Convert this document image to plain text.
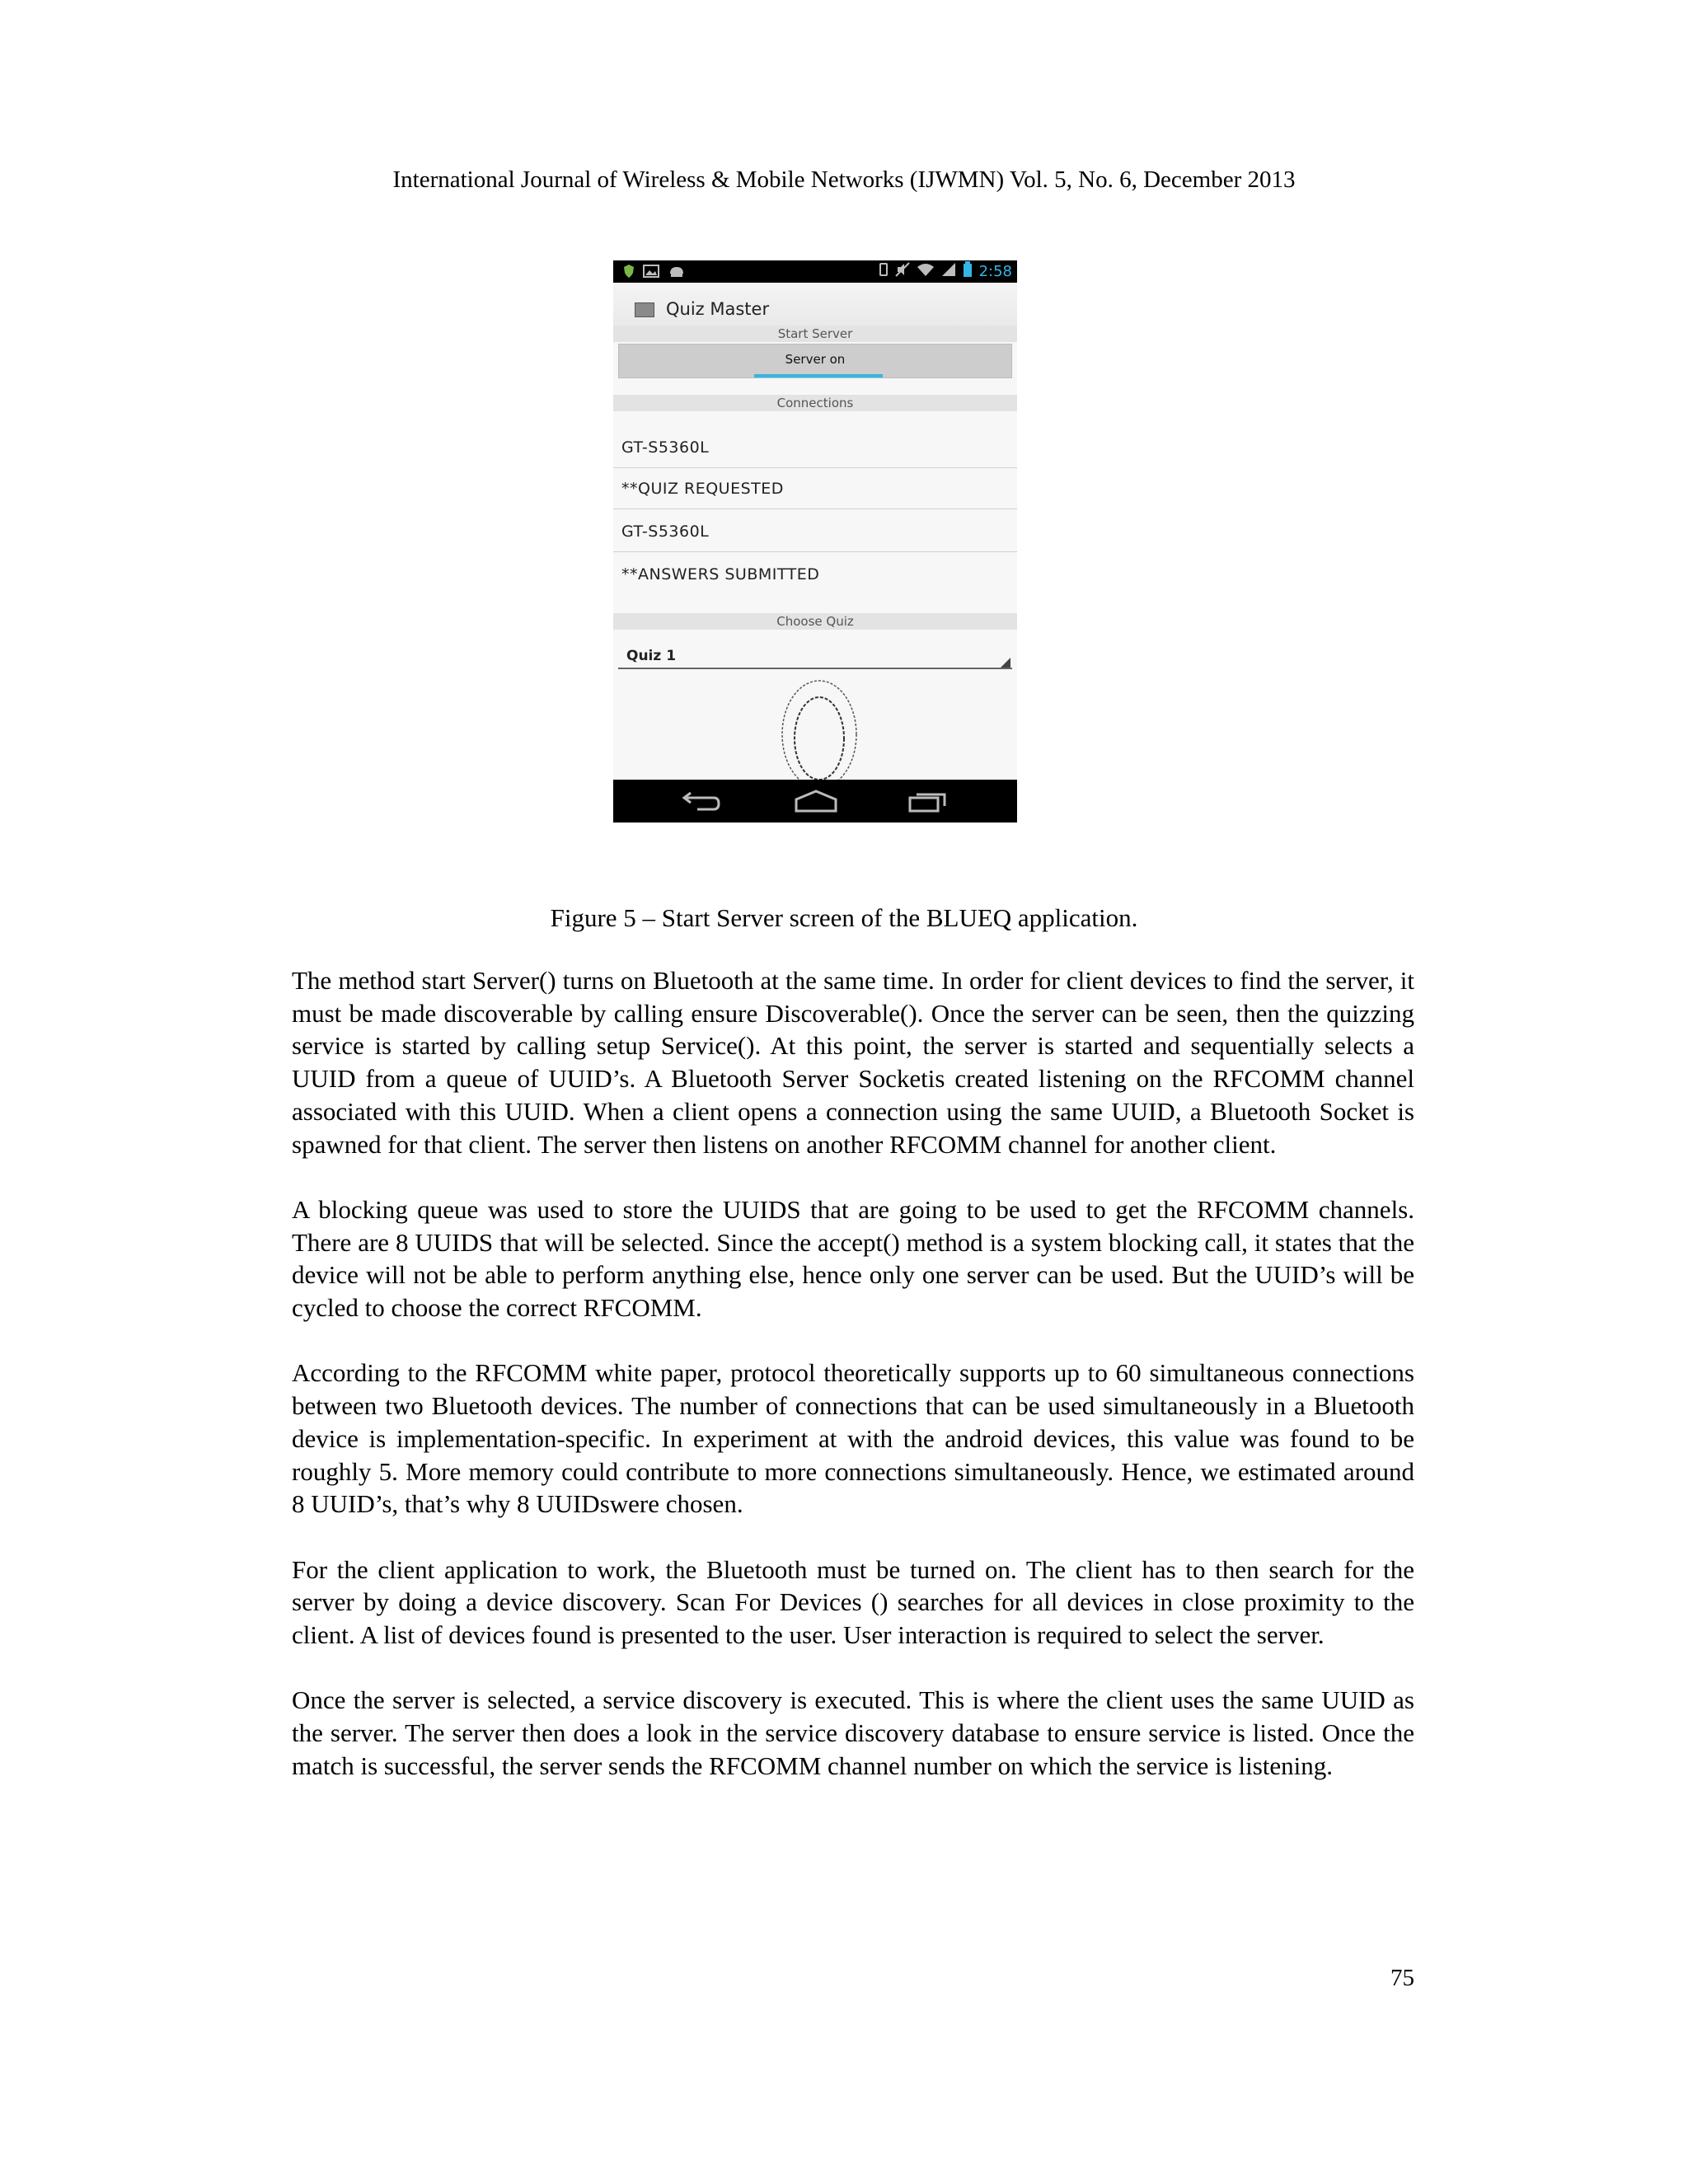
International Journal of Wireless & Mobile Networks (IJWMN) Vol. 5, No. 6, December 2013
2:58
Quiz Master
Start Server
Server on
Connections
GT-S5360L
**QUIZ REQUESTED
GT-S5360L
**ANSWERS SUBMITTED
Choose Quiz
Quiz 1
Figure 5 – Start Server screen of the BLUEQ application.

The method start Server() turns on Bluetooth at the same time. In order for client devices to find the server, it must be made discoverable by calling ensure Discoverable(). Once the server can be seen, then the quizzing service is started by calling setup Service(). At this point, the server is started and sequentially selects a UUID from a queue of UUID’s. A Bluetooth Server Socketis created listening on the RFCOMM channel associated with this UUID. When a client opens a connection using the same UUID, a Bluetooth Socket is spawned for that client. The server then listens on another RFCOMM channel for another client.

A blocking queue was used to store the UUIDS that are going to be used to get the RFCOMM channels. There are 8 UUIDS that will be selected. Since the accept() method is a system blocking call, it states that the device will not be able to perform anything else, hence only one server can be used. But the UUID’s will be cycled to choose the correct RFCOMM.

According to the RFCOMM white paper, protocol theoretically supports up to 60 simultaneous connections between two Bluetooth devices. The number of connections that can be used simultaneously in a Bluetooth device is implementation-specific. In experiment at with the android devices, this value was found to be roughly 5. More memory could contribute to more connections simultaneously. Hence, we estimated around 8 UUID’s, that’s why 8 UUIDswere chosen.

For the client application to work, the Bluetooth must be turned on. The client has to then search for the server by doing a device discovery. Scan For Devices () searches for all devices in close proximity to the client. A list of devices found is presented to the user. User interaction is required to select the server.

Once the server is selected, a service discovery is executed. This is where the client uses the same UUID as the server. The server then does a look in the service discovery database to ensure service is listed. Once the match is successful, the server sends the RFCOMM channel number on which the service is listening.

75
